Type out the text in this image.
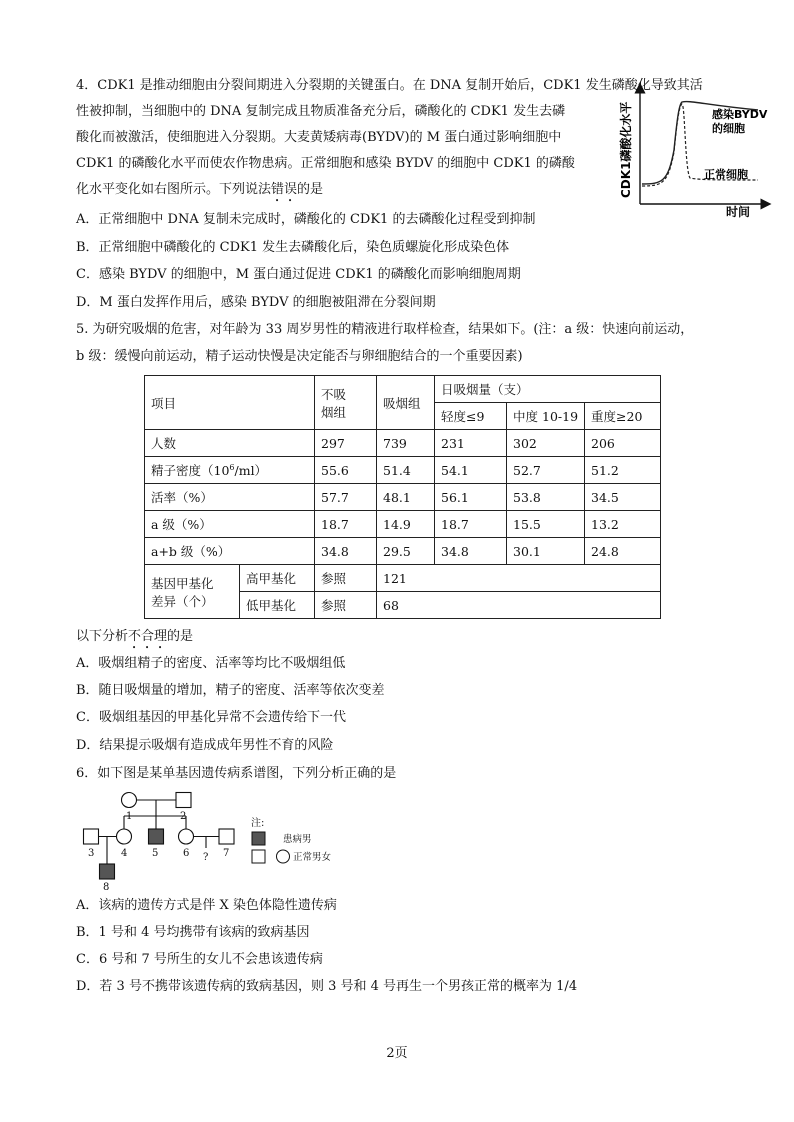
4．CDK1 是推动细胞由分裂间期进入分裂期的关键蛋白。在 DNA 复制开始后，CDK1 发生磷酸化导致其活
性被抑制，当细胞中的 DNA 复制完成且物质准备充分后，磷酸化的 CDK1 发生去磷
酸化而被激活，使细胞进入分裂期。大麦黄矮病毒(BYDV)的 M 蛋白通过影响细胞中
CDK1 的磷酸化水平而使农作物患病。正常细胞和感染 BYDV 的细胞中 CDK1 的磷酸
化水平变化如右图所示。下列说法错误的是
A．正常细胞中 DNA 复制未完成时，磷酸化的 CDK1 的去磷酸化过程受到抑制
B．正常细胞中磷酸化的 CDK1 发生去磷酸化后，染色质螺旋化形成染色体
C．感染 BYDV 的细胞中，M 蛋白通过促进 CDK1 的磷酸化而影响细胞周期
D．M 蛋白发挥作用后，感染 BYDV 的细胞被阻滞在分裂间期
CDK1磷酸化水平
时间
感染BYDV
的细胞
正常细胞
5. 为研究吸烟的危害，对年龄为 33 周岁男性的精液进行取样检查，结果如下。(注：a 级：快速向前运动，
b 级：缓慢向前运动，精子运动快慢是决定能否与卵细胞结合的一个重要因素)
项目		不吸
烟组	吸烟组	日吸烟量（支）		
				轻度≤9	中度 10-19	重度≥20
人数		297	739	231	302	206
精子密度$(10^6/ml)$		55.6	51.4	54.1	52.7	51.2
活率（%）		57.7	48.1	56.1	53.8	34.5
a 级（%）		18.7	14.9	18.7	15.5	13.2
a+b 级（%）		34.8	29.5	34.8	30.1	24.8
基因甲基化
差异（个）	高甲基化	参照	121			
	低甲基化	参照	68			
以下分析不合理的是
A．吸烟组精子的密度、活率等均比不吸烟组低
B．随日吸烟量的增加，精子的密度、活率等依次变差
C．吸烟组基因的甲基化异常不会遗传给下一代
D．结果提示吸烟有造成成年男性不育的风险
6．如下图是某单基因遗传病系谱图，下列分析正确的是
1	2
3	4 5 6 ? 7
8
注:
患病男
正常男女
A．该病的遗传方式是伴 X 染色体隐性遗传病
B．1 号和 4 号均携带有该病的致病基因
C．6 号和 7 号所生的女儿不会患该遗传病
D．若 3 号不携带该遗传病的致病基因，则 3 号和 4 号再生一个男孩正常的概率为 1/4
2页
